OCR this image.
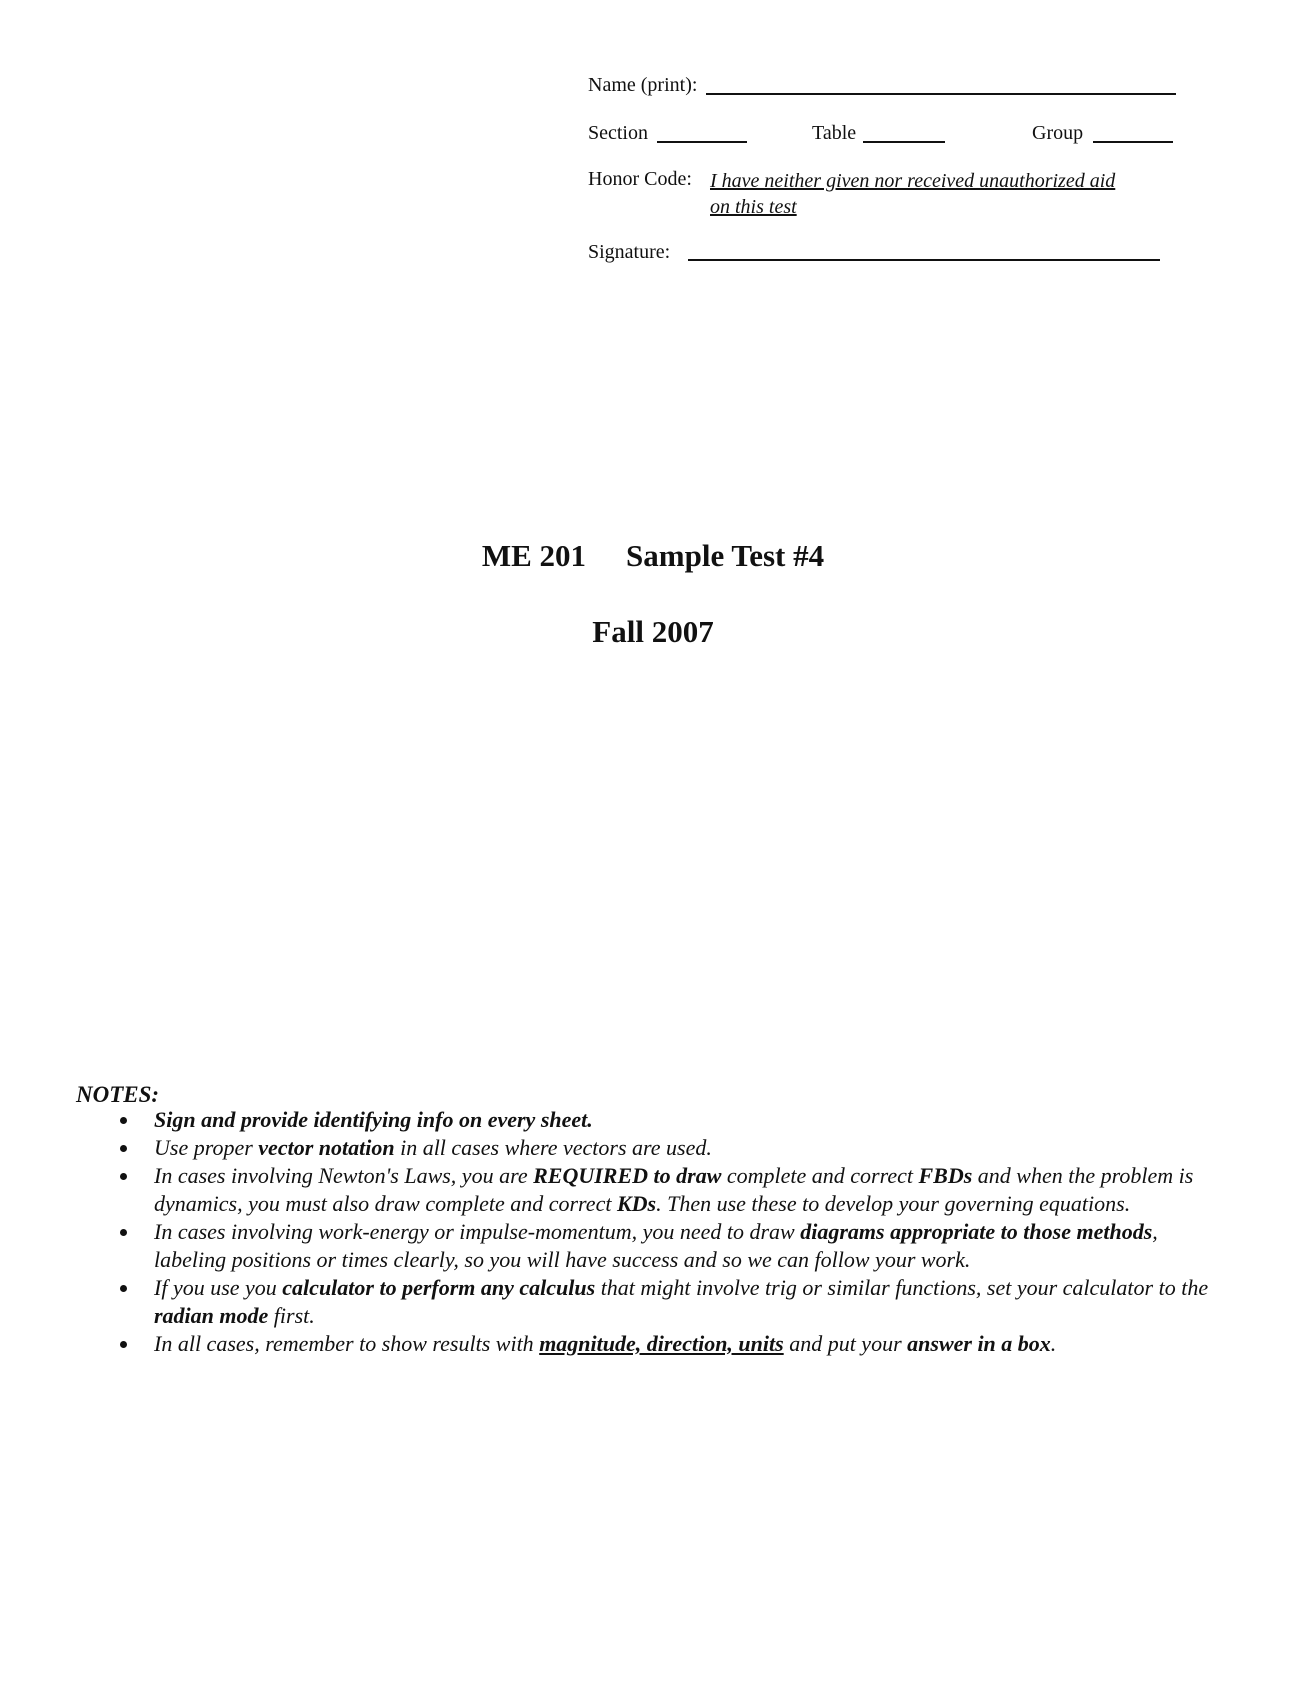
Name (print):
Section	Table	Group
Honor Code: I have neither given nor received unauthorized aid
on this test
Signature:
ME 201 Sample Test #4
Fall 2007
NOTES:
Sign and provide identifying info on every sheet.
Use proper vector notation in all cases where vectors are used.
In cases involving Newton's Laws, you are REQUIRED to draw complete and correct FBDs and when the problem is dynamics, you must also draw complete and correct KDs. Then use these to develop your governing equations.
In cases involving work-energy or impulse-momentum, you need to draw diagrams appropriate to those methods, labeling positions or times clearly, so you will have success and so we can follow your work.
If you use you calculator to perform any calculus that might involve trig or similar functions, set your calculator to the radian mode first.
In all cases, remember to show results with magnitude, direction, units and put your answer in a box.
